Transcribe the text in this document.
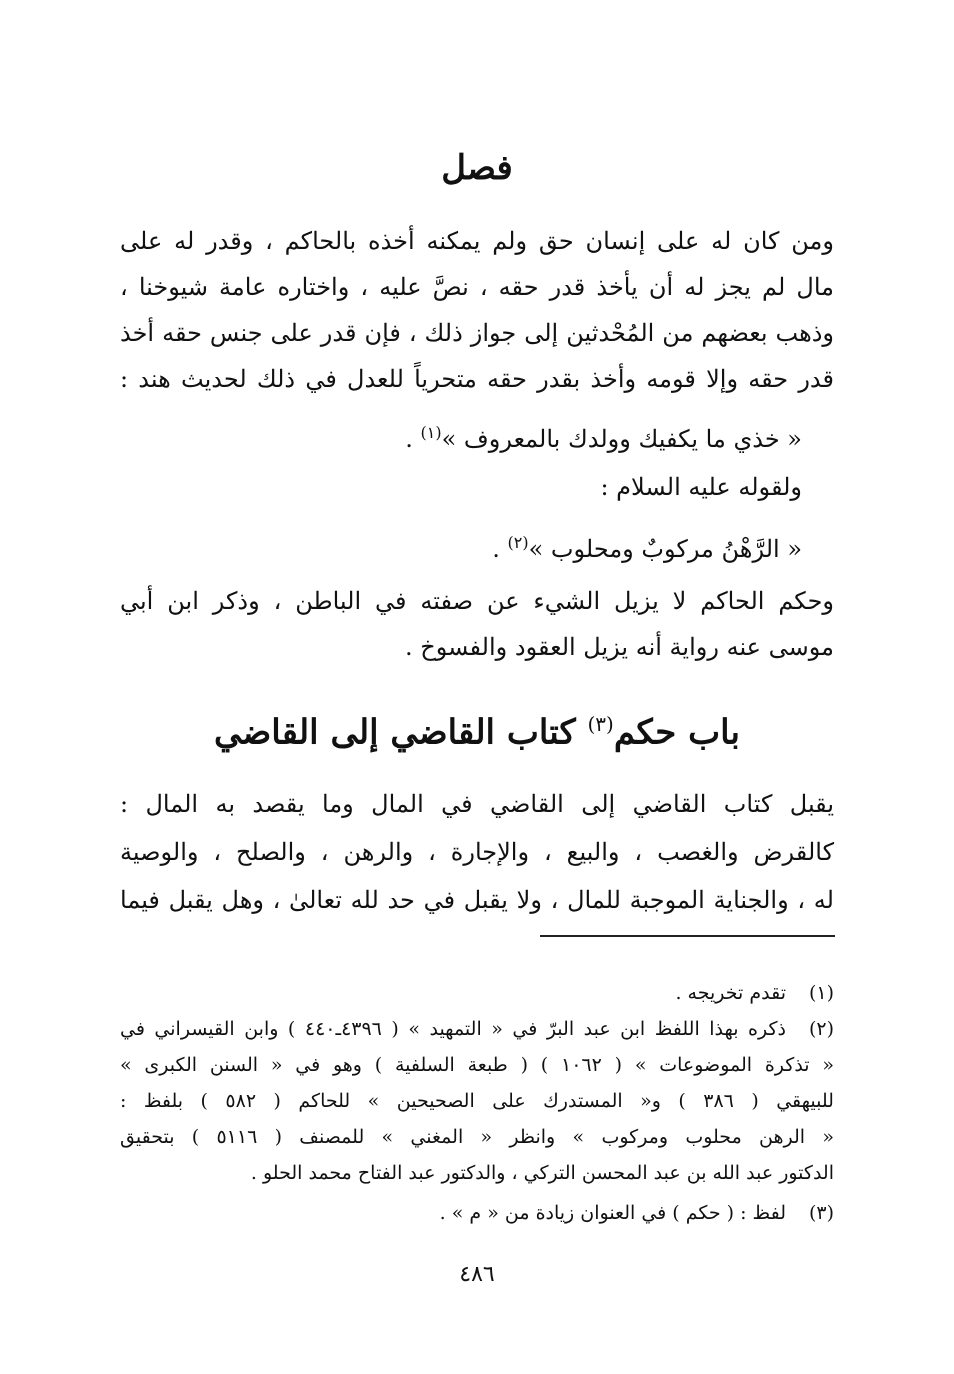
فصل
ومن كان له على إنسان حق ولم يمكنه أخذه بالحاكم ، وقدر له على
مال لم يجز له أن يأخذ قدر حقه ، نصَّ عليه ، واختاره عامة شيوخنا ،
وذهب بعضهم من المُحْدثين إلى جواز ذلك ، فإن قدر على جنس حقه أخذ
قدر حقه وإلا قومه وأخذ بقدر حقه متحرياً للعدل في ذلك لحديث هند :
« خذي ما يكفيك وولدك بالمعروف »$^{(١)}$ .
ولقوله عليه السلام :
« الرَّهْنُ مركوبٌ ومحلوب »$^{(٢)}$ .
وحكم الحاكم لا يزيل الشيء عن صفته في الباطن ، وذكر ابن أبي
موسى عنه رواية أنه يزيل العقود والفسوخ .
باب حكم$^{(٣)}$ كتاب القاضي إلى القاضي
يقبل كتاب القاضي إلى القاضي في المال وما يقصد به المال :
كالقرض والغصب ، والبيع ، والإجارة ، والرهن ، والصلح ، والوصية
له ، والجناية الموجبة للمال ، ولا يقبل في حد لله تعالىٰ ، وهل يقبل فيما
(١)
تقدم تخريجه .
(٢)
ذكره بهذا اللفظ ابن عبد البرّ في « التمهيد » ( ٤٣٩٦ـ٤٤٠ ) وابن القيسراني في
« تذكرة الموضوعات » ( ١٠٦٢ ) ( طبعة السلفية ) وهو في « السنن الكبرى »
للبيهقي ( ٣٨٦ ) و« المستدرك على الصحيحين » للحاكم ( ٥٨٢ ) بلفظ :
« الرهن محلوب ومركوب » وانظر « المغني » للمصنف ( ٥١١٦ ) بتحقيق
الدكتور عبد الله بن عبد المحسن التركي ، والدكتور عبد الفتاح محمد الحلو .
(٣)
لفظ : ( حكم ) في العنوان زيادة من « م » .
٤٨٦
